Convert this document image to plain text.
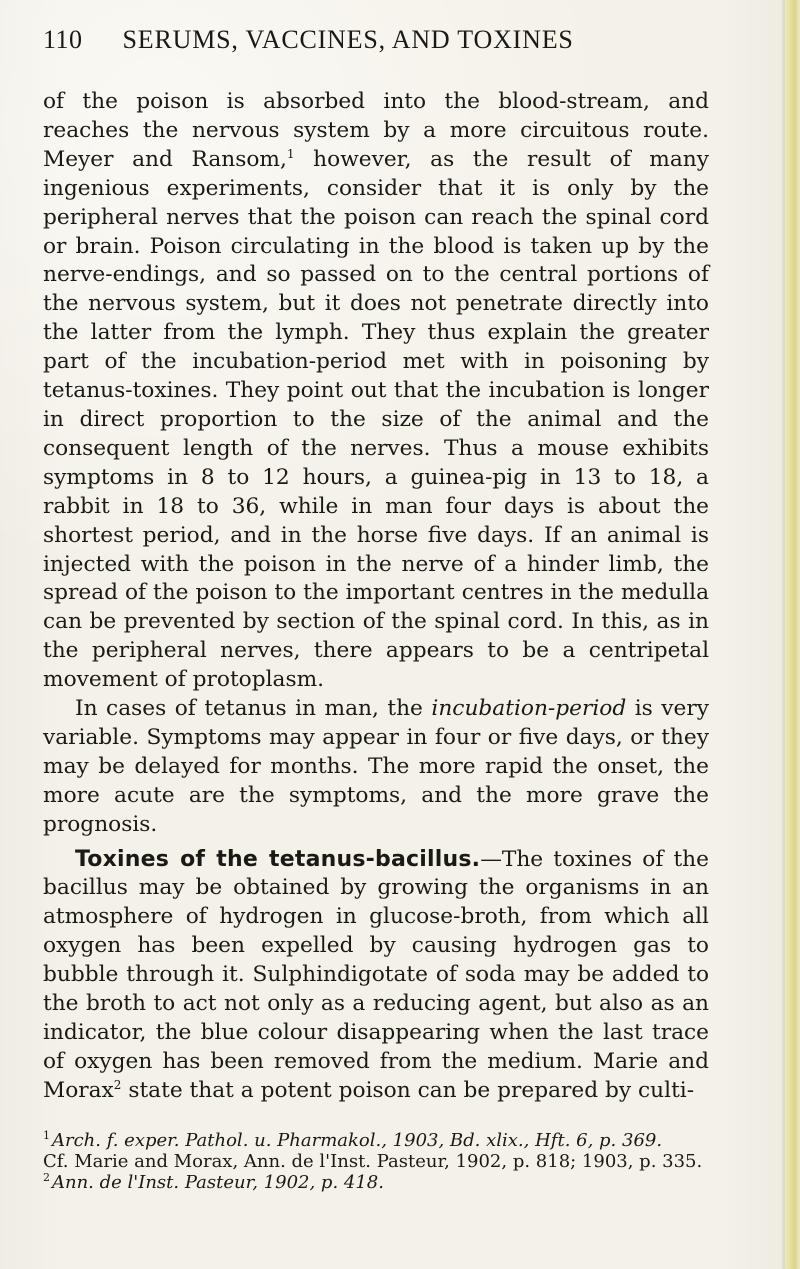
110 SERUMS, VACCINES, AND TOXINES

of the poison is absorbed into the blood-stream, and reaches the nervous system by a more circuitous route. Meyer and Ransom,$^1$ however, as the result of many ingenious experiments, consider that it is only by the peripheral nerves that the poison can reach the spinal cord or brain. Poison circulating in the blood is taken up by the nerve-endings, and so passed on to the central portions of the nervous system, but it does not penetrate directly into the latter from the lymph. They thus explain the greater part of the incubation-period met with in poisoning by tetanus-toxines. They point out that the incubation is longer in direct proportion to the size of the animal and the consequent length of the nerves. Thus a mouse exhibits symptoms in 8 to 12 hours, a guinea-pig in 13 to 18, a rabbit in 18 to 36, while in man four days is about the shortest period, and in the horse five days. If an animal is injected with the poison in the nerve of a hinder limb, the spread of the poison to the important centres in the medulla can be prevented by section of the spinal cord. In this, as in the peripheral nerves, there appears to be a centripetal movement of protoplasm.

In cases of tetanus in man, the incubation-period is very variable. Symptoms may appear in four or five days, or they may be delayed for months. The more rapid the onset, the more acute are the symptoms, and the more grave the prognosis.

Toxines of the tetanus-bacillus.—The toxines of the bacillus may be obtained by growing the organisms in an atmosphere of hydrogen in glucose-broth, from which all oxygen has been expelled by causing hydrogen gas to bubble through it. Sulphindigotate of soda may be added to the broth to act not only as a reducing agent, but also as an indicator, the blue colour disappearing when the last trace of oxygen has been removed from the medium. Marie and Morax$^2$ state that a potent poison can be prepared by culti-

$^1$ Arch. f. exper. Pathol. u. Pharmakol., 1903, Bd. xlix., Hft. 6, p. 369.

Cf. Marie and Morax, Ann. de l'Inst. Pasteur, 1902, p. 818; 1903, p. 335.

$^2$ Ann. de l'Inst. Pasteur, 1902, p. 418.
